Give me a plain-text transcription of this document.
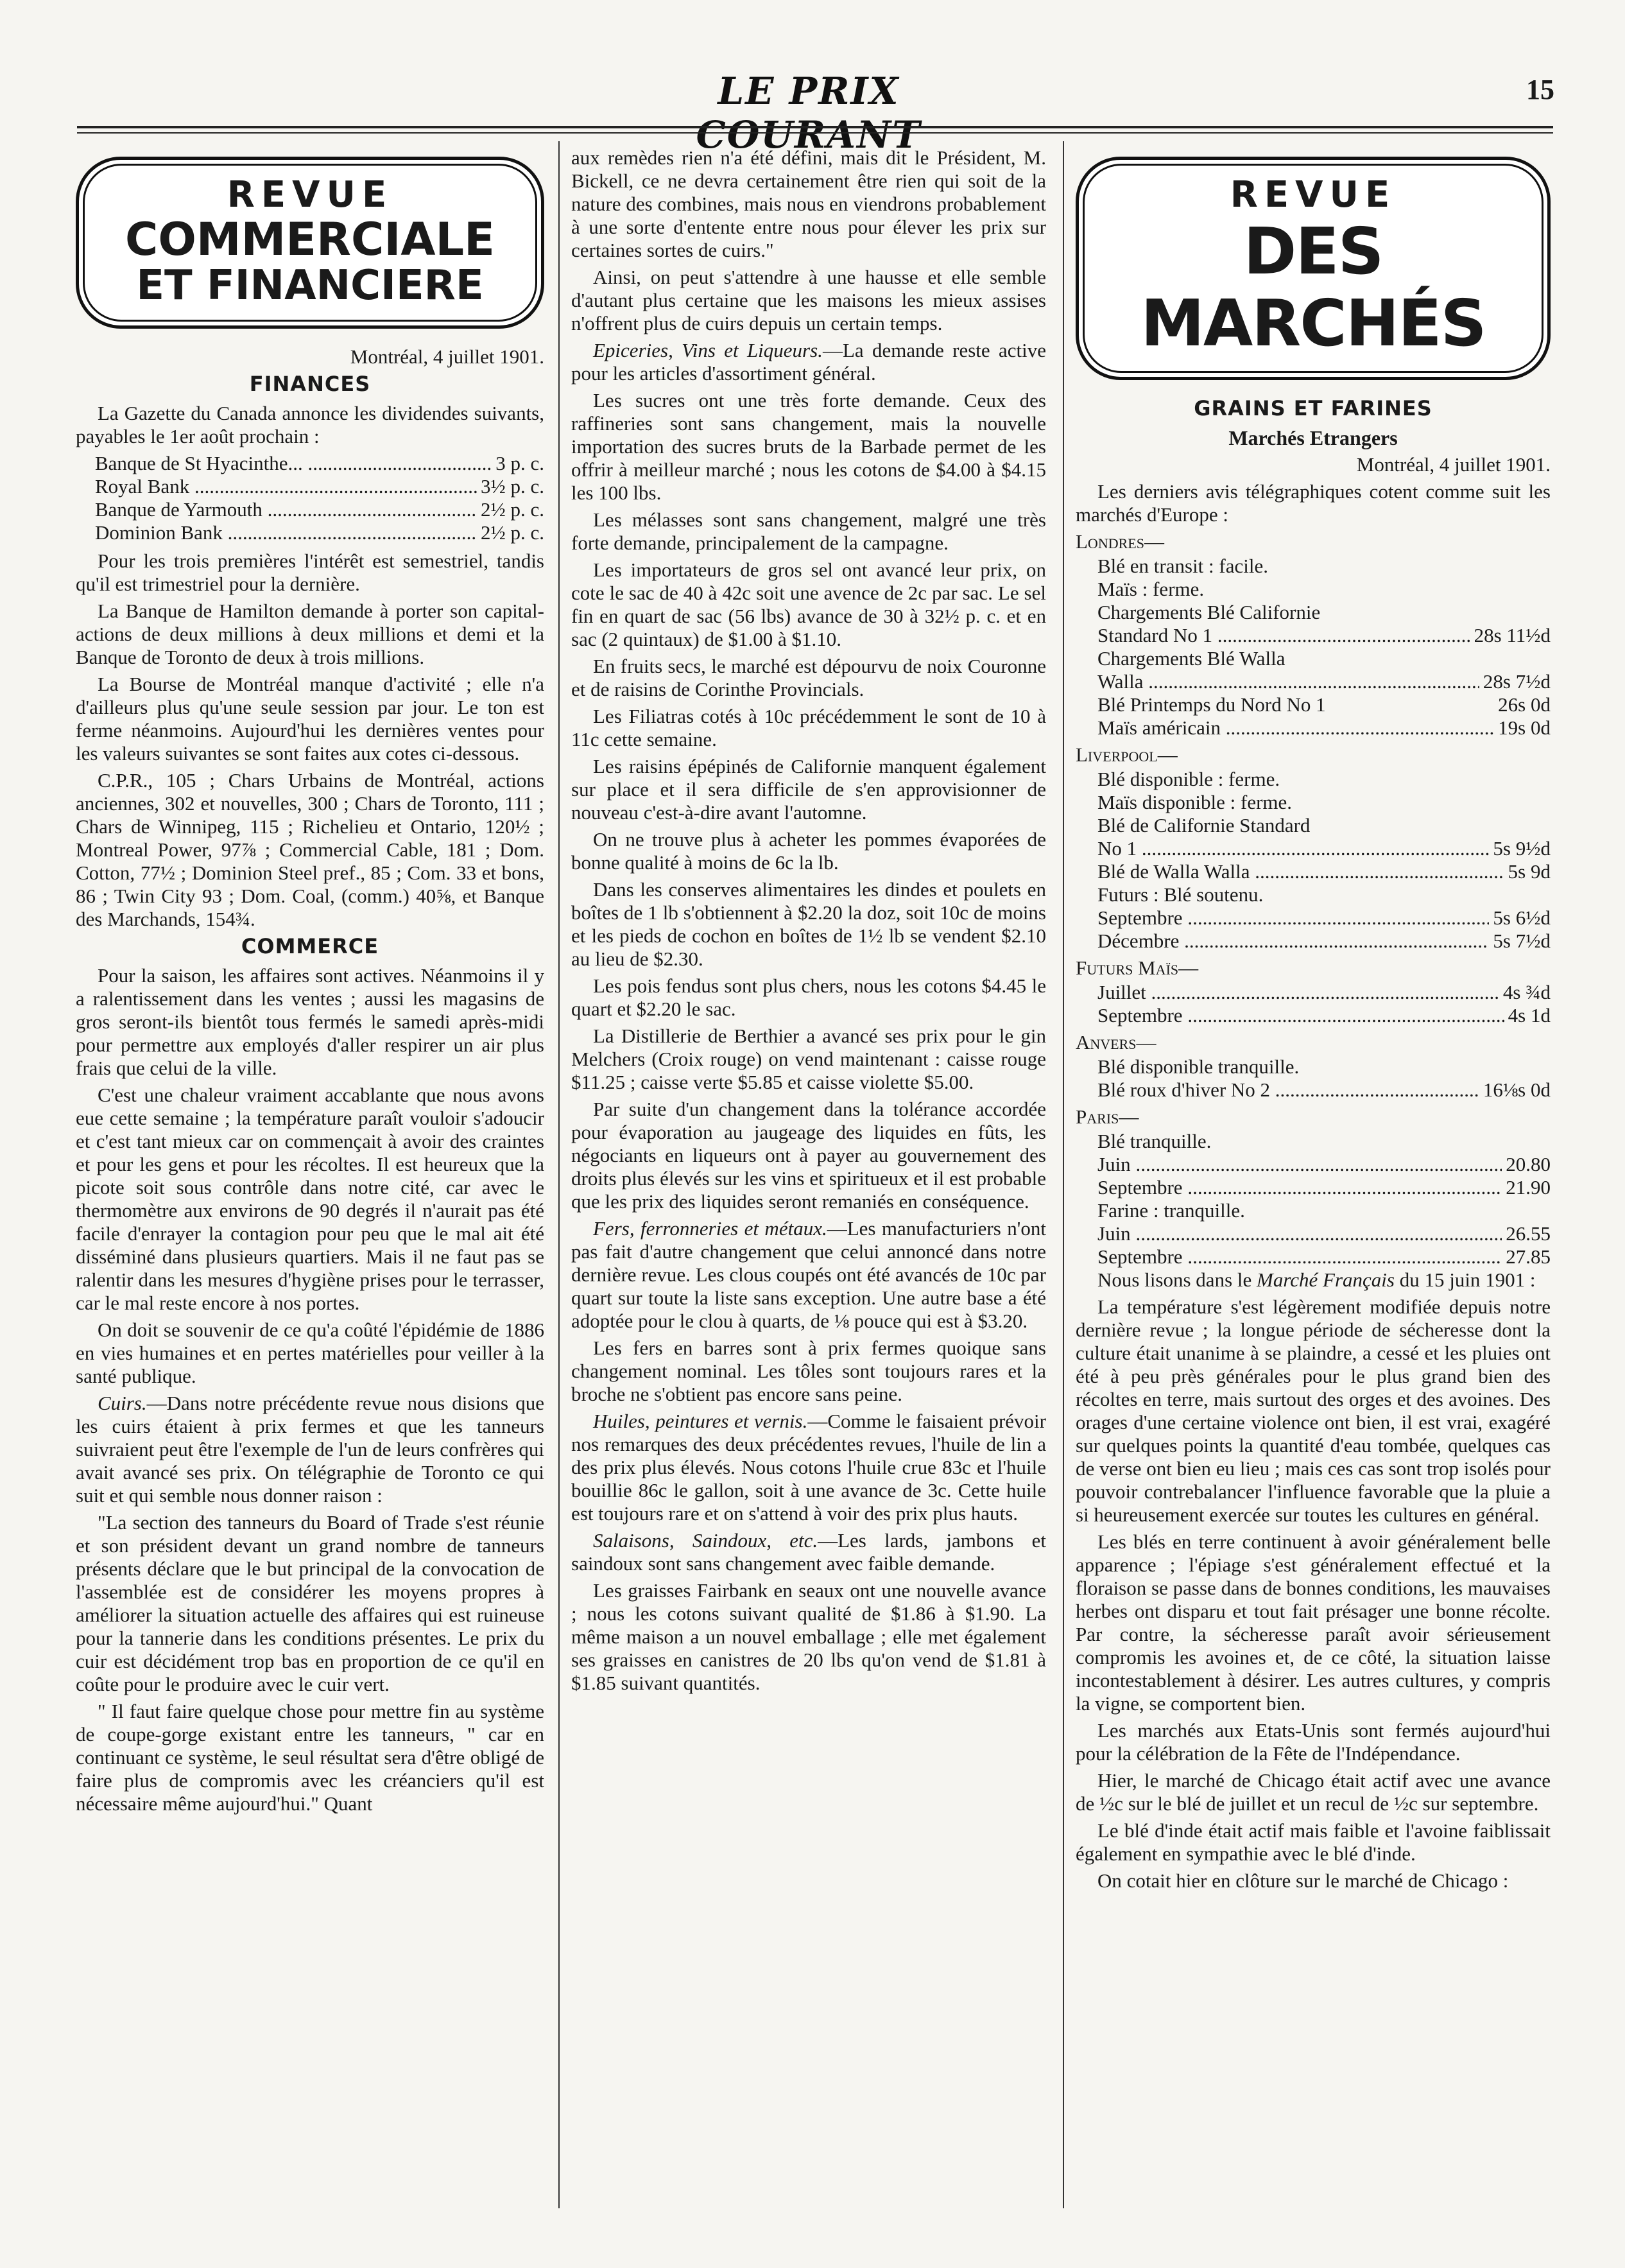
LE PRIX COURANT
15
REVUE
COMMERCIALE
ET FINANCIERE
Montréal, 4 juillet 1901.
FINANCES

La Gazette du Canada annonce les dividendes suivants, payables le 1er août prochain :

Banque de St Hyacinthe... .....	3 p. c.
Royal Bank .....	3½ p. c.
Banque de Yarmouth .....	2½ p. c.
Dominion Bank .....	2½ p. c.

Pour les trois premières l'intérêt est semestriel, tandis qu'il est trimestriel pour la dernière.

La Banque de Hamilton demande à porter son capital-actions de deux millions à deux millions et demi et la Banque de Toronto de deux à trois millions.

La Bourse de Montréal manque d'activité ; elle n'a d'ailleurs plus qu'une seule session par jour. Le ton est ferme néanmoins. Aujourd'hui les dernières ventes pour les valeurs suivantes se sont faites aux cotes ci-dessous.

C.P.R., 105 ; Chars Urbains de Montréal, actions anciennes, 302 et nouvelles, 300 ; Chars de Toronto, 111 ; Chars de Winnipeg, 115 ; Richelieu et Ontario, 120½ ; Montreal Power, 97⅞ ; Commercial Cable, 181 ; Dom. Cotton, 77½ ; Dominion Steel pref., 85 ; Com. 33 et bons, 86 ; Twin City 93 ; Dom. Coal, (comm.) 40⅝, et Banque des Marchands, 154¾.

COMMERCE

Pour la saison, les affaires sont actives. Néanmoins il y a ralentissement dans les ventes ; aussi les magasins de gros seront-ils bientôt tous fermés le samedi après-midi pour permettre aux employés d'aller respirer un air plus frais que celui de la ville.

C'est une chaleur vraiment accablante que nous avons eue cette semaine ; la température paraît vouloir s'adoucir et c'est tant mieux car on commençait à avoir des craintes et pour les gens et pour les récoltes. Il est heureux que la picote soit sous contrôle dans notre cité, car avec le thermomètre aux environs de 90 degrés il n'aurait pas été facile d'enrayer la contagion pour peu que le mal ait été disséminé dans plusieurs quartiers. Mais il ne faut pas se ralentir dans les mesures d'hygiène prises pour le terrasser, car le mal reste encore à nos portes.

On doit se souvenir de ce qu'a coûté l'épidémie de 1886 en vies humaines et en pertes matérielles pour veiller à la santé publique.

Cuirs.—Dans notre précédente revue nous disions que les cuirs étaient à prix fermes et que les tanneurs suivraient peut être l'exemple de l'un de leurs confrères qui avait avancé ses prix. On télégraphie de Toronto ce qui suit et qui semble nous donner raison :

"La section des tanneurs du Board of Trade s'est réunie et son président devant un grand nombre de tanneurs présents déclare que le but principal de la convocation de l'assemblée est de considérer les moyens propres à améliorer la situation actuelle des affaires qui est ruineuse pour la tannerie dans les conditions présentes. Le prix du cuir est décidément trop bas en proportion de ce qu'il en coûte pour le produire avec le cuir vert.

" Il faut faire quelque chose pour mettre fin au système de coupe-gorge existant entre les tanneurs, " car en continuant ce système, le seul résultat sera d'être obligé de faire plus de compromis avec les créanciers qu'il est nécessaire même aujourd'hui." Quant

aux remèdes rien n'a été défini, mais dit le Président, M. Bickell, ce ne devra certainement être rien qui soit de la nature des combines, mais nous en viendrons probablement à une sorte d'entente entre nous pour élever les prix sur certaines sortes de cuirs."

Ainsi, on peut s'attendre à une hausse et elle semble d'autant plus certaine que les maisons les mieux assises n'offrent plus de cuirs depuis un certain temps.

Epiceries, Vins et Liqueurs.—La demande reste active pour les articles d'assortiment général.

Les sucres ont une très forte demande. Ceux des raffineries sont sans changement, mais la nouvelle importation des sucres bruts de la Barbade permet de les offrir à meilleur marché ; nous les cotons de $4.00 à $4.15 les 100 lbs.

Les mélasses sont sans changement, malgré une très forte demande, principalement de la campagne.

Les importateurs de gros sel ont avancé leur prix, on cote le sac de 40 à 42c soit une avence de 2c par sac. Le sel fin en quart de sac (56 lbs) avance de 30 à 32½ p. c. et en sac (2 quintaux) de $1.00 à $1.10.

En fruits secs, le marché est dépourvu de noix Couronne et de raisins de Corinthe Provincials.

Les Filiatras cotés à 10c précédemment le sont de 10 à 11c cette semaine.

Les raisins épépinés de Californie manquent également sur place et il sera difficile de s'en approvisionner de nouveau c'est-à-dire avant l'automne.

On ne trouve plus à acheter les pommes évaporées de bonne qualité à moins de 6c la lb.

Dans les conserves alimentaires les dindes et poulets en boîtes de 1 lb s'obtiennent à $2.20 la doz, soit 10c de moins et les pieds de cochon en boîtes de 1½ lb se vendent $2.10 au lieu de $2.30.

Les pois fendus sont plus chers, nous les cotons $4.45 le quart et $2.20 le sac.

La Distillerie de Berthier a avancé ses prix pour le gin Melchers (Croix rouge) on vend maintenant : caisse rouge $11.25 ; caisse verte $5.85 et caisse violette $5.00.

Par suite d'un changement dans la tolérance accordée pour évaporation au jaugeage des liquides en fûts, les négociants en liqueurs ont à payer au gouvernement des droits plus élevés sur les vins et spiritueux et il est probable que les prix des liquides seront remaniés en conséquence.

Fers, ferronneries et métaux.—Les manufacturiers n'ont pas fait d'autre changement que celui annoncé dans notre dernière revue. Les clous coupés ont été avancés de 10c par quart sur toute la liste sans exception. Une autre base a été adoptée pour le clou à quarts, de ⅛ pouce qui est à $3.20.

Les fers en barres sont à prix fermes quoique sans changement nominal. Les tôles sont toujours rares et la broche ne s'obtient pas encore sans peine.

Huiles, peintures et vernis.—Comme le faisaient prévoir nos remarques des deux précédentes revues, l'huile de lin a des prix plus élevés. Nous cotons l'huile crue 83c et l'huile bouillie 86c le gallon, soit à une avance de 3c. Cette huile est toujours rare et on s'attend à voir des prix plus hauts.

Salaisons, Saindoux, etc.—Les lards, jambons et saindoux sont sans changement avec faible demande.

Les graisses Fairbank en seaux ont une nouvelle avance ; nous les cotons suivant qualité de $1.86 à $1.90. La même maison a un nouvel emballage ; elle met également ses graisses en canistres de 20 lbs qu'on vend de $1.81 à $1.85 suivant quantités.

REVUE
DES MARCHÉS
GRAINS ET FARINES
Marchés Etrangers
Montréal, 4 juillet 1901.

Les derniers avis télégraphiques cotent comme suit les marchés d'Europe :

Londres—
Blé en transit : facile.
Maïs : ferme.
Chargements Blé Californie
Standard No 1 .....	28s 11½d
Chargements Blé Walla
Walla .....	28s 7½d
Blé Printemps du Nord No 1	26s 0d
Maïs américain .....	19s 0d
Liverpool—
Blé disponible : ferme.
Maïs disponible : ferme.
Blé de Californie Standard
No 1 .....	5s 9½d
Blé de Walla Walla .....	5s 9d
Futurs : Blé soutenu.
Septembre .....	5s 6½d
Décembre .....	5s 7½d
Futurs Maïs—
Juillet .....	4s ¾d
Septembre .....	4s 1d
Anvers—
Blé disponible tranquille.
Blé roux d'hiver No 2 .....	16⅛s 0d
Paris—
Blé tranquille.
Juin .....	20.80
Septembre .....	21.90
Farine : tranquille.
Juin .....	26.55
Septembre .....	27.85

Nous lisons dans le Marché Français du 15 juin 1901 :

La température s'est légèrement modifiée depuis notre dernière revue ; la longue période de sécheresse dont la culture était unanime à se plaindre, a cessé et les pluies ont été à peu près générales pour le plus grand bien des récoltes en terre, mais surtout des orges et des avoines. Des orages d'une certaine violence ont bien, il est vrai, exagéré sur quelques points la quantité d'eau tombée, quelques cas de verse ont bien eu lieu ; mais ces cas sont trop isolés pour pouvoir contrebalancer l'influence favorable que la pluie a si heureusement exercée sur toutes les cultures en général.

Les blés en terre continuent à avoir généralement belle apparence ; l'épiage s'est généralement effectué et la floraison se passe dans de bonnes conditions, les mauvaises herbes ont disparu et tout fait présager une bonne récolte. Par contre, la sécheresse paraît avoir sérieusement compromis les avoines et, de ce côté, la situation laisse incontestablement à désirer. Les autres cultures, y compris la vigne, se comportent bien.

Les marchés aux Etats-Unis sont fermés aujourd'hui pour la célébration de la Fête de l'Indépendance.

Hier, le marché de Chicago était actif avec une avance de ½c sur le blé de juillet et un recul de ½c sur septembre.

Le blé d'inde était actif mais faible et l'avoine faiblissait également en sympathie avec le blé d'inde.

On cotait hier en clôture sur le marché de Chicago :
